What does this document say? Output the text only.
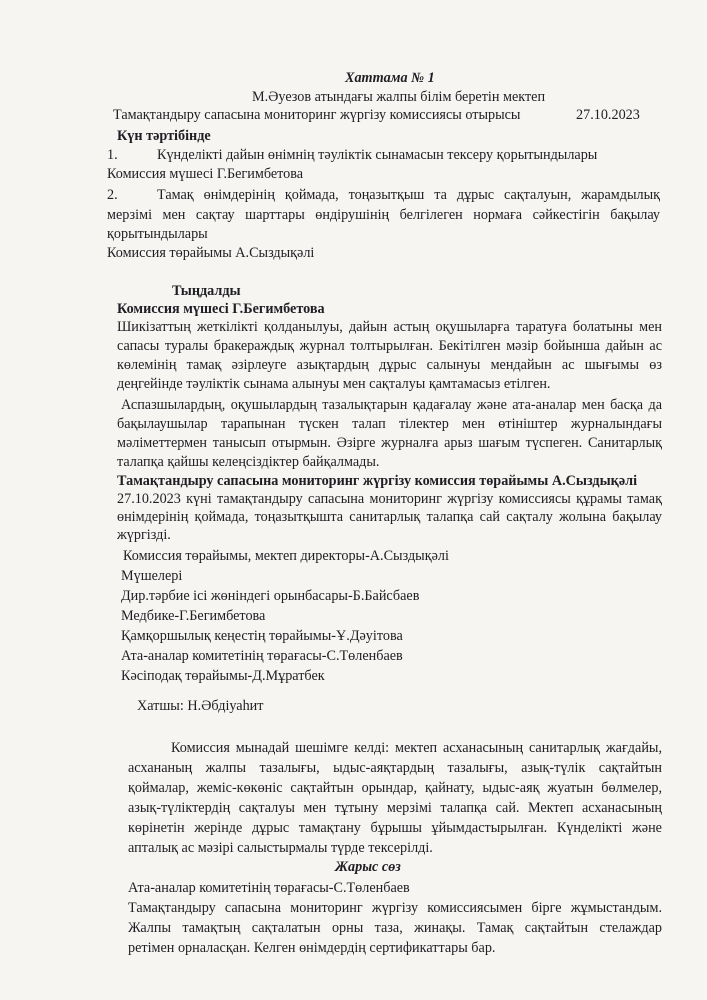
Хаттама № 1

М.Әуезов атындағы жалпы білім беретін мектеп

Тамақтандыру сапасына мониторинг жүргізу комиссиясы отырысы	27.10.2023

Күн тәртібінде

1.	Күнделікті дайын өнімнің тәуліктік сынамасын тексеру қорытындылары

Комиссия мүшесі Г.Бегимбетова

2.	Тамақ өнімдерінің қоймада, тоңазытқыш та дұрыс сақталуын, жарамдылық

мерзімі мен сақтау шарттары өндірушінің белгілеген нормаға сәйкестігін бақылау

қорытындылары

Комиссия төрайымы А.Сыздықәлі

Тыңдалды

Комиссия мүшесі Г.Бегимбетова

Шикізаттың жеткілікті қолданылуы, дайын астың оқушыларға таратуға болатыны мен

сапасы туралы бракераждық журнал толтырылған. Бекітілген мәзір бойынша дайын ас

көлемінің тамақ әзірлеуге азықтардың дұрыс салынуы мендайын ас шығымы өз

деңгейінде тәуліктік сынама алынуы мен сақталуы қамтамасыз етілген.

Аспазшылардың, оқушылардың тазалықтарын қадағалау және ата-аналар мен басқа да

бақылаушылар тарапынан түскен талап тілектер мен өтініштер журналындағы

мәліметтермен танысып отырмын. Әзірге журналға арыз шағым түспеген. Санитарлық

талапқа қайшы келеңсіздіктер байқалмады.

Тамақтандыру сапасына мониторинг жүргізу комиссия төрайымы А.Сыздықәлі

27.10.2023 күні тамақтандыру сапасына мониторинг жүргізу комиссиясы құрамы тамақ

өнімдерінің қоймада, тоңазытқышта санитарлық талапқа сай сақталу жолына бақылау

жүргізді.

Комиссия төрайымы, мектеп директоры-А.Сыздықәлі

Мүшелері

Дир.тәрбие ісі жөніндегі орынбасары-Б.Байсбаев

Медбике-Г.Бегимбетова

Қамқоршылық кеңестің төрайымы-Ұ.Дәуітова

Ата-аналар комитетінің төрағасы-С.Төленбаев

Кәсіподақ төрайымы-Д.Мұратбек

Хатшы: Н.Әбдіуаһит

Комиссия мынадай шешімге келді: мектеп асханасының санитарлық жағдайы,

асхананың жалпы тазалығы, ыдыс-аяқтардың тазалығы, азық-түлік сақтайтын

қоймалар, жеміс-көкөніс сақтайтын орындар, қайнату, ыдыс-аяқ жуатын бөлмелер,

азық-түліктердің сақталуы мен тұтыну мерзімі талапқа сай. Мектеп асханасының

көрінетін жерінде дұрыс тамақтану бұрышы ұйымдастырылған. Күнделікті және

апталық ас мәзірі салыстырмалы түрде тексерілді.

Жарыс сөз

Ата-аналар комитетінің төрағасы-С.Төленбаев

Тамақтандыру сапасына мониторинг жүргізу комиссиясымен бірге жұмыстандым.

Жалпы тамақтың сақталатын орны таза, жинақы. Тамақ сақтайтын стелаждар

ретімен орналасқан. Келген өнімдердің сертификаттары бар.
